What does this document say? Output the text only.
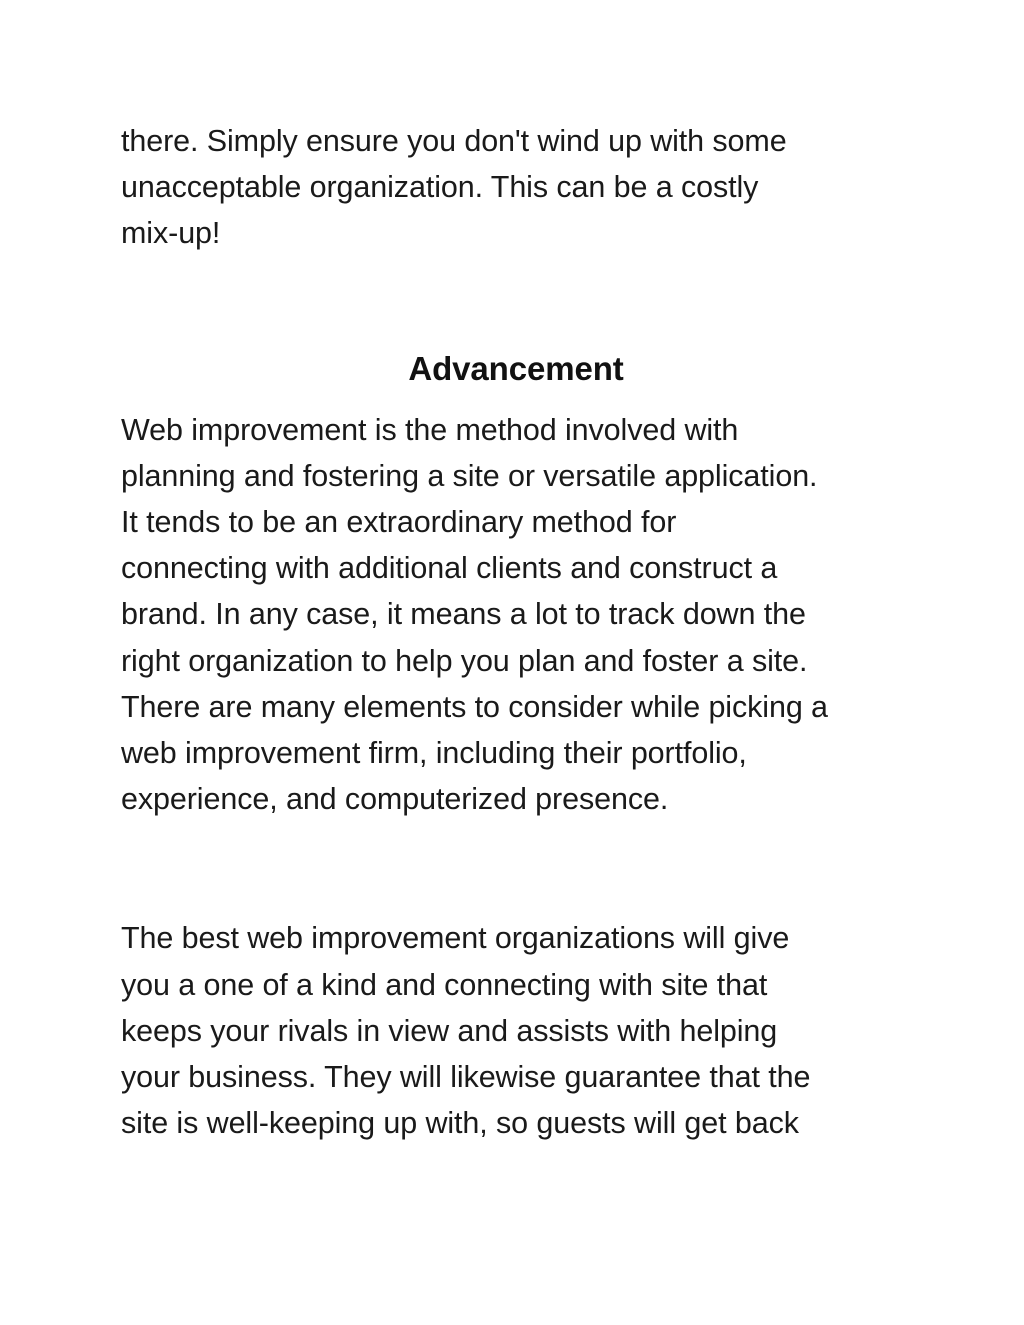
there. Simply ensure you don't wind up with some
unacceptable organization. This can be a costly
mix-up!

Advancement

Web improvement is the method involved with
planning and fostering a site or versatile application.
It tends to be an extraordinary method for
connecting with additional clients and construct a
brand. In any case, it means a lot to track down the
right organization to help you plan and foster a site.
There are many elements to consider while picking a
web improvement firm, including their portfolio,
experience, and computerized presence.

The best web improvement organizations will give
you a one of a kind and connecting with site that
keeps your rivals in view and assists with helping
your business. They will likewise guarantee that the
site is well-keeping up with, so guests will get back
